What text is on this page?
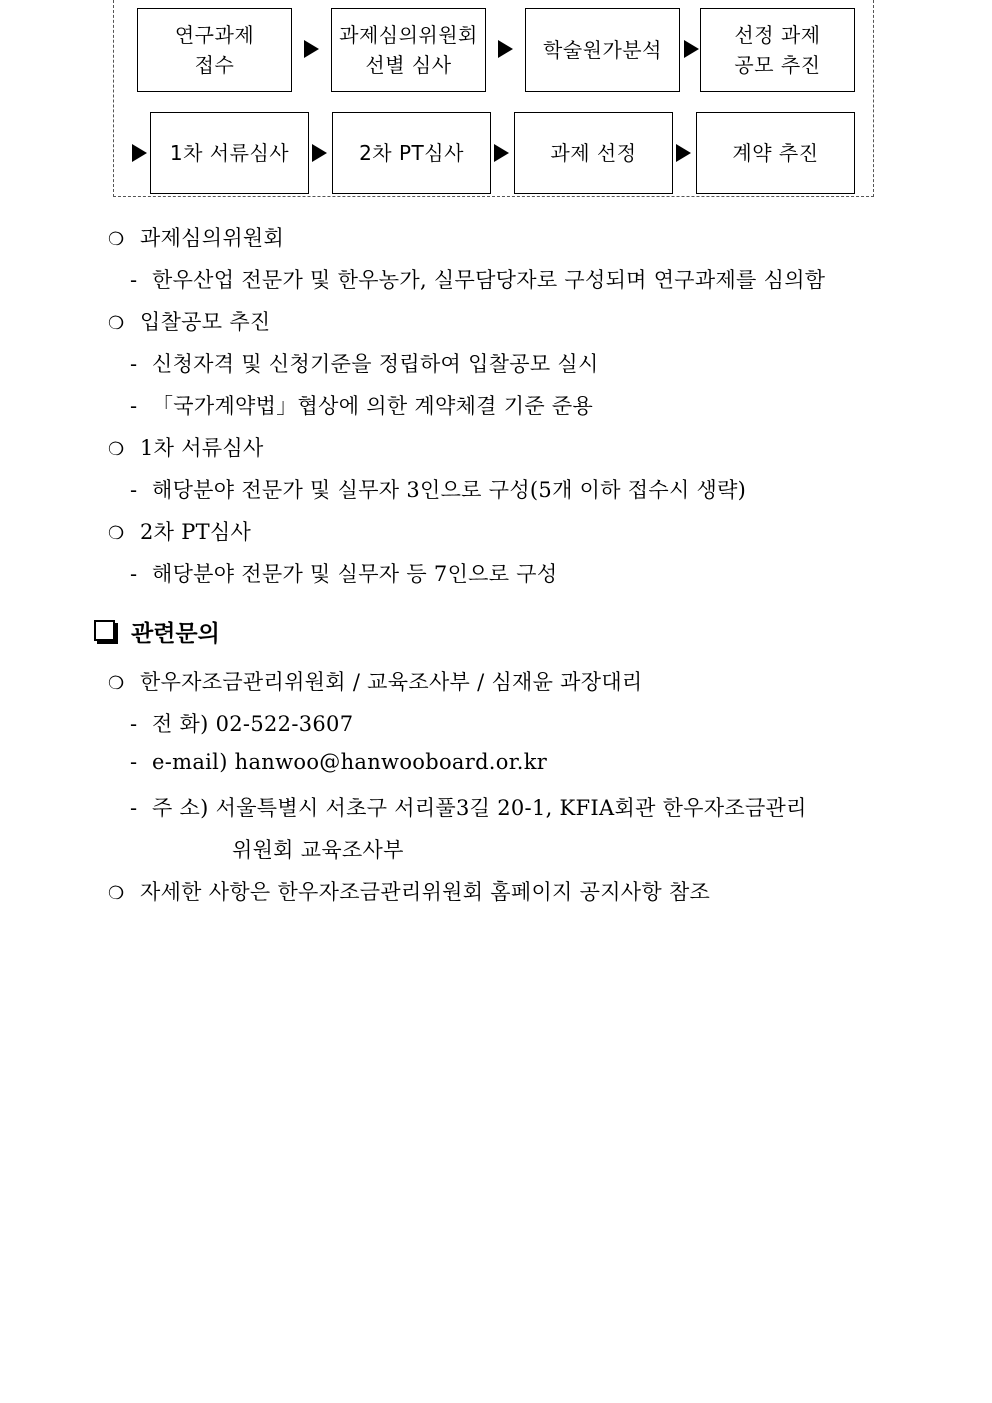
연구과제
접수
과제심의위원회
선별 심사
학술원가분석
선정 과제
공모 추진
1차 서류심사	2차 PT심사	과제 선정	계약 추진
❍ 과제심의위원회
- 한우산업 전문가 및 한우농가, 실무담당자로 구성되며 연구과제를 심의함
❍ 입찰공모 추진
- 신청자격 및 신청기준을 정립하여 입찰공모 실시
- 「국가계약법」협상에 의한 계약체결 기준 준용
❍ 1차 서류심사
- 해당분야 전문가 및 실무자 3인으로 구성(5개 이하 접수시 생략)
❍ 2차 PT심사
- 해당분야 전문가 및 실무자 등 7인으로 구성
관련문의
❍ 한우자조금관리위원회 / 교육조사부 / 심재윤 과장대리
- 전 화) 02-522-3607
- e-mail) hanwoo@hanwooboard.or.kr
- 주 소) 서울특별시 서초구 서리풀3길 20-1, KFIA회관 한우자조금관리
위원회 교육조사부
❍ 자세한 사항은 한우자조금관리위원회 홈페이지 공지사항 참조
